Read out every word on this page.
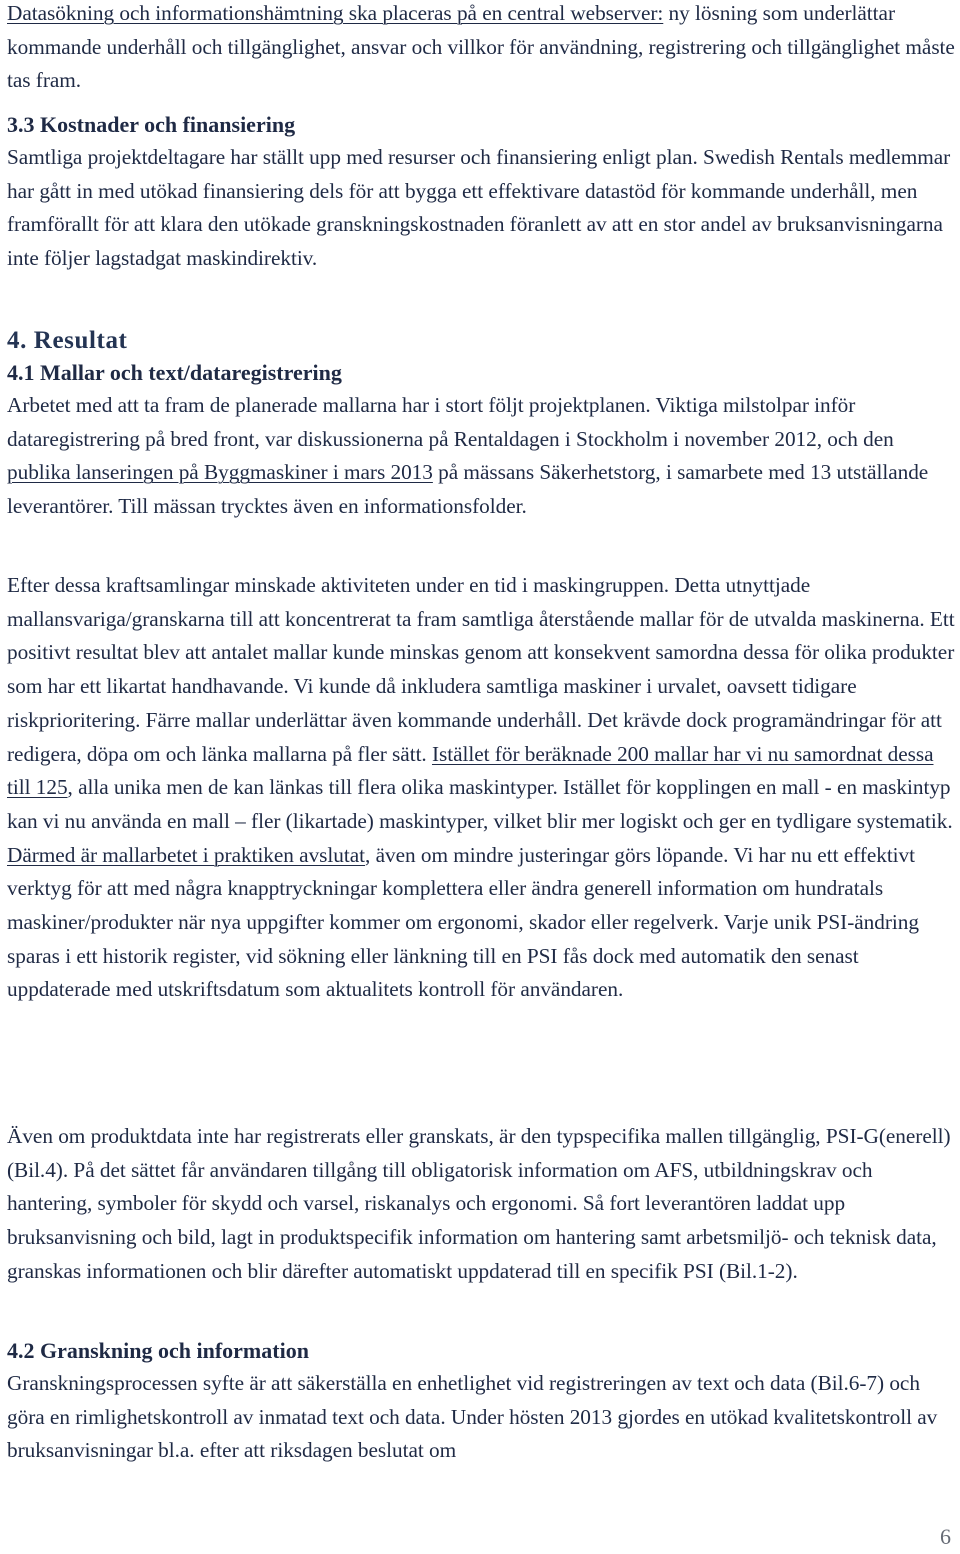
Datasökning och informationshämtning ska placeras på en central webserver: ny lösning som underlättar kommande underhåll och tillgänglighet, ansvar och villkor för användning, registrering och tillgänglighet måste tas fram.

3.3 Kostnader och finansiering

Samtliga projektdeltagare har ställt upp med resurser och finansiering enligt plan. Swedish Rentals medlemmar har gått in med utökad finansiering dels för att bygga ett effektivare datastöd för kommande underhåll, men framförallt för att klara den utökade granskningskostnaden föranlett av att en stor andel av bruksanvisningarna inte följer lagstadgat maskindirektiv.

4. Resultat
4.1 Mallar och text/dataregistrering

Arbetet med att ta fram de planerade mallarna har i stort följt projektplanen. Viktiga milstolpar inför dataregistrering på bred front, var diskussionerna på Rentaldagen i Stockholm i november 2012, och den publika lanseringen på Byggmaskiner i mars 2013 på mässans Säkerhetstorg, i samarbete med 13 utställande leverantörer. Till mässan trycktes även en informationsfolder.

Efter dessa kraftsamlingar minskade aktiviteten under en tid i maskingruppen. Detta utnyttjade mallansvariga/granskarna till att koncentrerat ta fram samtliga återstående mallar för de utvalda maskinerna. Ett positivt resultat blev att antalet mallar kunde minskas genom att konsekvent samordna dessa för olika produkter som har ett likartat handhavande. Vi kunde då inkludera samtliga maskiner i urvalet, oavsett tidigare riskprioritering. Färre mallar underlättar även kommande underhåll. Det krävde dock programändringar för att redigera, döpa om och länka mallarna på fler sätt. Istället för beräknade 200 mallar har vi nu samordnat dessa till 125, alla unika men de kan länkas till flera olika maskintyper. Istället för kopplingen en mall - en maskintyp kan vi nu använda en mall – fler (likartade) maskintyper, vilket blir mer logiskt och ger en tydligare systematik. Därmed är mallarbetet i praktiken avslutat, även om mindre justeringar görs löpande. Vi har nu ett effektivt verktyg för att med några knapptryckningar komplettera eller ändra generell information om hundratals maskiner/produkter när nya uppgifter kommer om ergonomi, skador eller regelverk. Varje unik PSI-ändring sparas i ett historik register, vid sökning eller länkning till en PSI fås dock med automatik den senast uppdaterade med utskriftsdatum som aktualitets kontroll för användaren.

Även om produktdata inte har registrerats eller granskats, är den typspecifika mallen tillgänglig, PSI-G(enerell) (Bil.4). På det sättet får användaren tillgång till obligatorisk information om AFS, utbildningskrav och hantering, symboler för skydd och varsel, riskanalys och ergonomi. Så fort leverantören laddat upp bruksanvisning och bild, lagt in produktspecifik information om hantering samt arbetsmiljö- och teknisk data, granskas informationen och blir därefter automatiskt uppdaterad till en specifik PSI (Bil.1-2).

4.2 Granskning och information

Granskningsprocessen syfte är att säkerställa en enhetlighet vid registreringen av text och data (Bil.6-7) och göra en rimlighetskontroll av inmatad text och data. Under hösten 2013 gjordes en utökad kvalitetskontroll av bruksanvisningar bl.a. efter att riksdagen beslutat om

6
